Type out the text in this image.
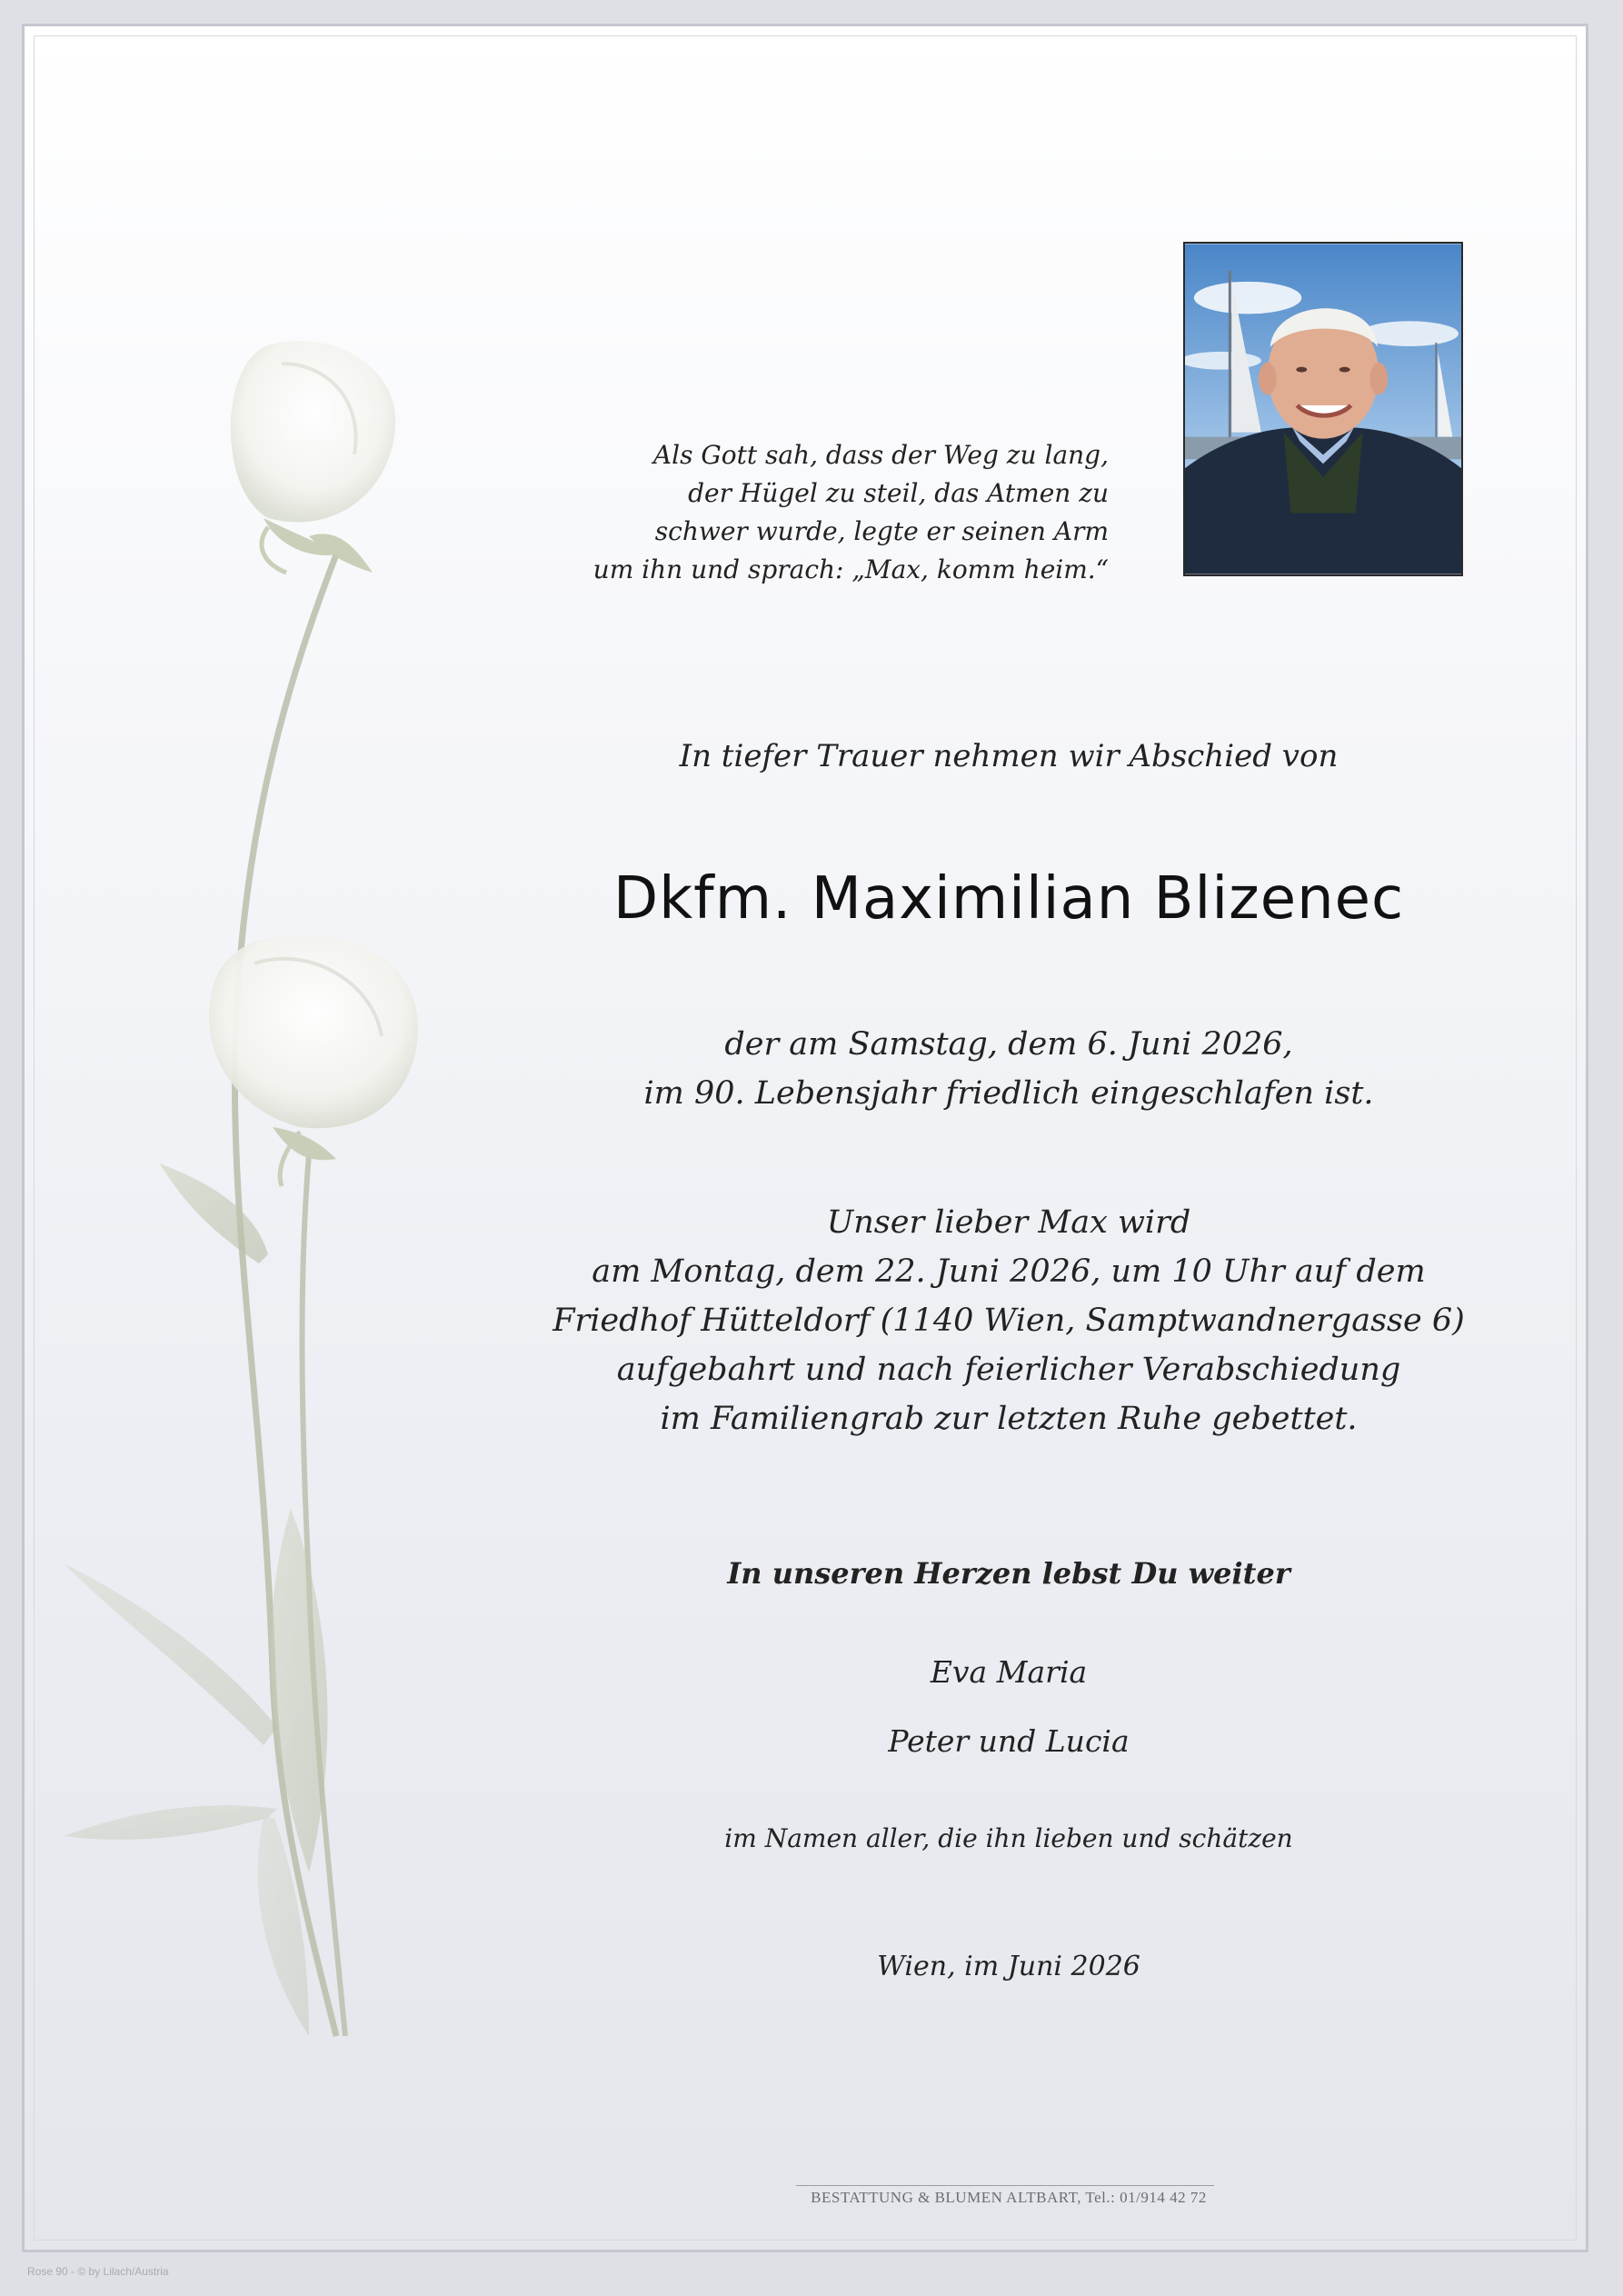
Als Gott sah, dass der Weg zu lang,
der Hügel zu steil, das Atmen zu
schwer wurde, legte er seinen Arm
um ihn und sprach: „Max, komm heim.“
In tiefer Trauer nehmen wir Abschied von
Dkfm. Maximilian Blizenec
der am Samstag, dem 6. Juni 2026,
im 90. Lebensjahr friedlich eingeschlafen ist.
Unser lieber Max wird
am Montag, dem 22. Juni 2026, um 10 Uhr auf dem
Friedhof Hütteldorf (1140 Wien, Samptwandnergasse 6)
aufgebahrt und nach feierlicher Verabschiedung
im Familiengrab zur letzten Ruhe gebettet.
In unseren Herzen lebst Du weiter
Eva Maria
Peter und Lucia
im Namen aller, die ihn lieben und schätzen
Wien, im Juni 2026
BESTATTUNG & BLUMEN ALTBART, Tel.: 01/914 42 72
Rose 90 - © by Lilach/Austria
